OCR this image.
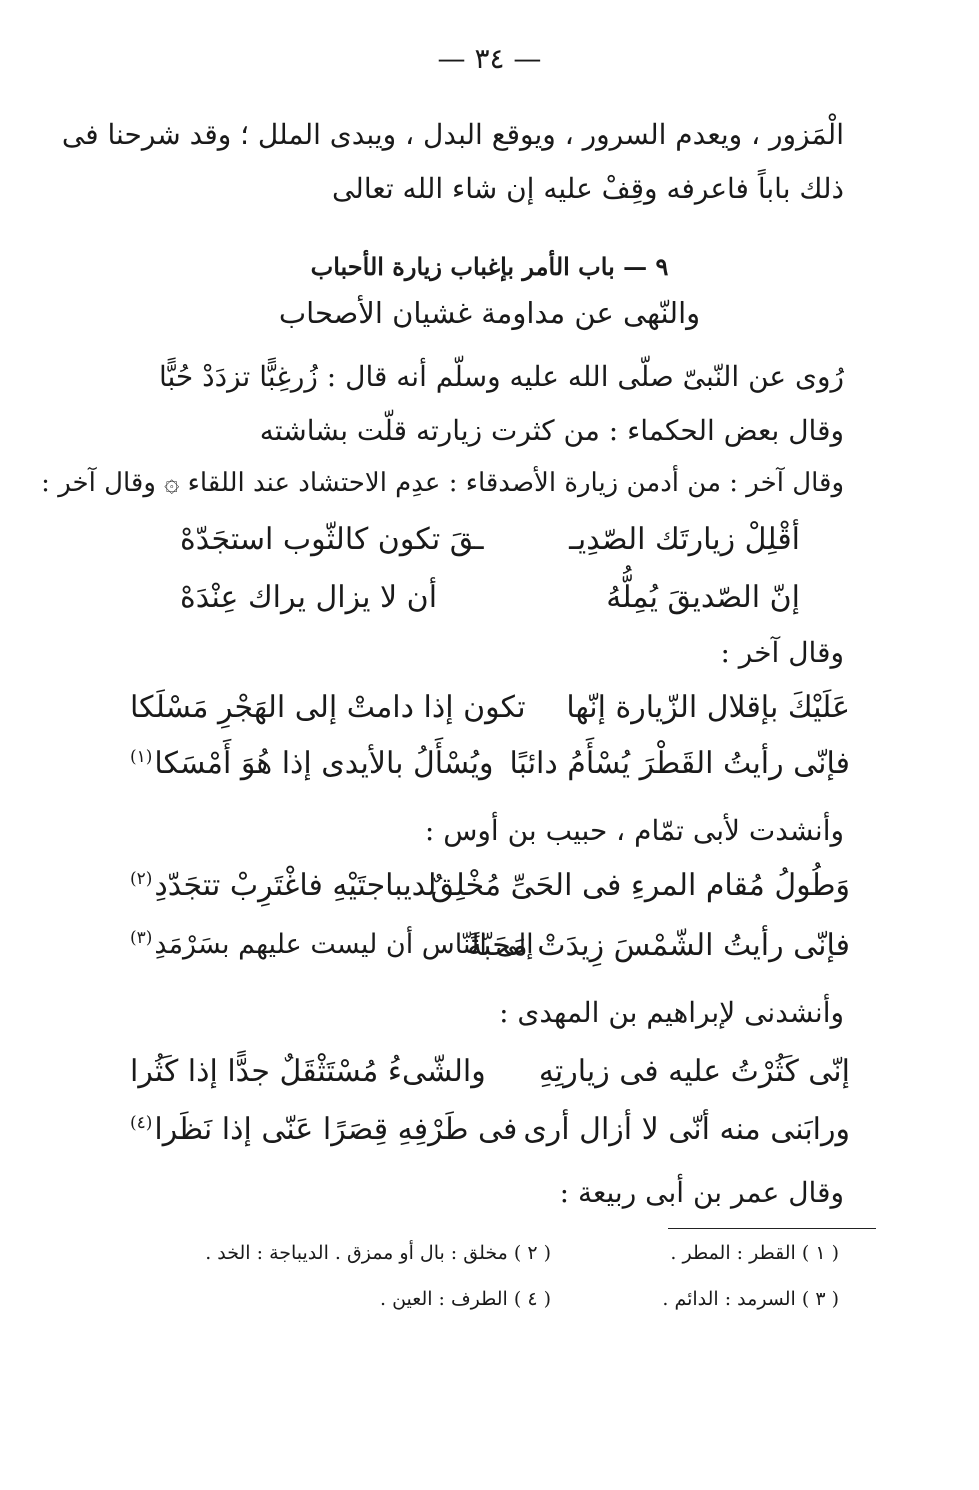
— ٣٤ —
الْمَزور ، ويعدم السرور ، ويوقع البدل ، ويبدى الملل ؛ وقد شرحنا فى
ذلك باباً فاعرفه وقِفْ عليه إن شاء الله تعالى
٩ — باب الأمر بإغباب زيارة الأحباب
والنّهى عن مداومة غشيان الأصحاب
رُوى عن النّبىّ صلّى الله عليه وسلّم أنه قال : زُرغِبًّا تزدَدْ حُبًّا
وقال بعض الحكماء : من كثرت زيارته قلّت بشاشته
وقال آخر : من أدمن زيارة الأصدقاء : عدِم الاحتشاد عند اللقاء ۞ وقال آخر :
أقْلِلْ زيارتَك الصّدِيـ
ـقَ تكون كالثّوب استجَدّهْ
إنّ الصّديقَ يُمِلُّهُ
أن لا يزال يراك عِنْدَهْ
وقال آخر :
عَلَيْكَ بإقلال الزّيارة إنّها
تكون إذا دامتْ إلى الهَجْرِ مَسْلَكا
فإنّى رأيتُ القَطْرَ يُسْأَمُ دائبًا
ويُسْأَلُ بالأيدى إذا هُوَ أَمْسَكا$^{(١)}$
وأنشدت لأبى تمّام ، حبيب بن أوس :
وَطُولُ مُقام المرءِ فى الحَىِّ مُخْلِقٌ
لديباجتَيْهِ فاغْتَرِبْ تتجَدّدِ$^{(٢)}$
فإنّى رأيتُ الشّمْسَ زِيدَتْ مَحَبّةً
إلى النّاس أن ليست عليهم بسَرْمَدِ$^{(٣)}$
وأنشدنى لإبراهيم بن المهدى :
إنّى كَثُرْتُ عليه فى زيارتِهِ
والشّىءُ مُسْتَثْقَلٌ جدًّا إذا كَثُرا
ورابَنى منه أنّى لا أزال أرى
فى طَرْفِهِ قِصَرًا عَنّى إذا نَظَرا$^{(٤)}$
وقال عمر بن أبى ربيعة :
( ١ ) القطر : المطر .
( ٢ ) مخلق : بال أو ممزق . الديباجة : الخد .
( ٣ ) السرمد : الدائم .
( ٤ ) الطرف : العين .
